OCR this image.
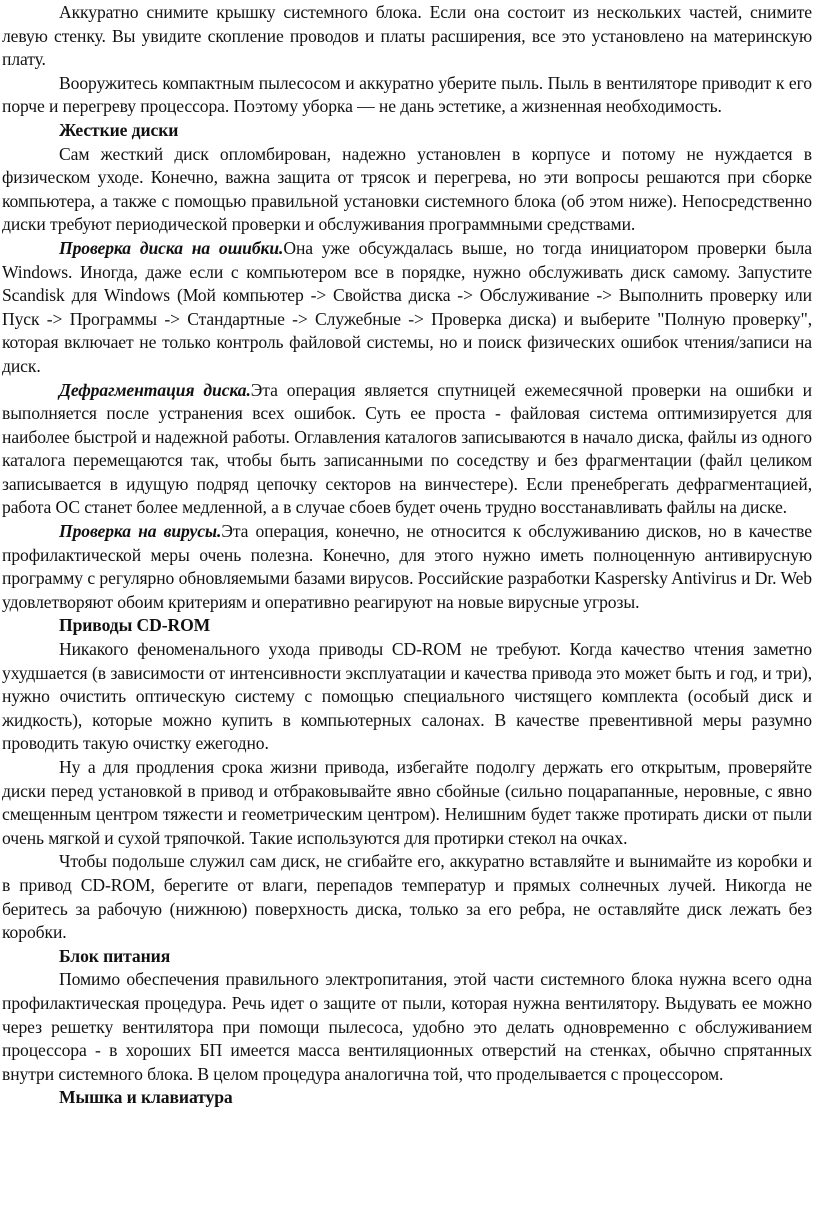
Аккуратно снимите крышку системного блока. Если она состоит из нескольких частей, снимите левую стенку. Вы увидите скопление проводов и платы расширения, все это установлено на материнскую плату.

Вооружитесь компактным пылесосом и аккуратно уберите пыль. Пыль в вентиляторе приводит к его порче и перегреву процессора. Поэтому уборка — не дань эстетике, а жизненная необходимость.

Жесткие диски

Сам жесткий диск опломбирован, надежно установлен в корпусе и потому не нуждается в физическом уходе. Конечно, важна защита от трясок и перегрева, но эти вопросы решаются при сборке компьютера, а также с помощью правильной установки системного блока (об этом ниже). Непосредственно диски требуют периодической проверки и обслуживания программными средствами.

Проверка диска на ошибки.Она уже обсуждалась выше, но тогда инициатором проверки была Windows. Иногда, даже если с компьютером все в порядке, нужно обслуживать диск самому. Запустите Scandisk для Windows (Мой компьютер -> Свойства диска -> Обслуживание -> Выполнить проверку или Пуск -> Программы -> Стандартные -> Служебные -> Проверка диска) и выберите "Полную проверку", которая включает не только контроль файловой системы, но и поиск физических ошибок чтения/записи на диск.

Дефрагментация диска.Эта операция является спутницей ежемесячной проверки на ошибки и выполняется после устранения всех ошибок. Суть ее проста - файловая система оптимизируется для наиболее быстрой и надежной работы. Оглавления каталогов записываются в начало диска, файлы из одного каталога перемещаются так, чтобы быть записанными по соседству и без фрагментации (файл целиком записывается в идущую подряд цепочку секторов на винчестере). Если пренебрегать дефрагментацией, работа ОС станет более медленной, а в случае сбоев будет очень трудно восстанавливать файлы на диске.

Проверка на вирусы.Эта операция, конечно, не относится к обслуживанию дисков, но в качестве профилактической меры очень полезна. Конечно, для этого нужно иметь полноценную антивирусную программу с регулярно обновляемыми базами вирусов. Российские разработки Kaspersky Antivirus и Dr. Web удовлетворяют обоим критериям и оперативно реагируют на новые вирусные угрозы.

Приводы CD-ROM

Никакого феноменального ухода приводы CD-ROM не требуют. Когда качество чтения заметно ухудшается (в зависимости от интенсивности эксплуатации и качества привода это может быть и год, и три), нужно очистить оптическую систему с помощью специального чистящего комплекта (особый диск и жидкость), которые можно купить в компьютерных салонах. В качестве превентивной меры разумно проводить такую очистку ежегодно.

Ну а для продления срока жизни привода, избегайте подолгу держать его открытым, проверяйте диски перед установкой в привод и отбраковывайте явно сбойные (сильно поцарапанные, неровные, с явно смещенным центром тяжести и геометрическим центром). Нелишним будет также протирать диски от пыли очень мягкой и сухой тряпочкой. Такие используются для протирки стекол на очках.

Чтобы подольше служил сам диск, не сгибайте его, аккуратно вставляйте и вынимайте из коробки и в привод CD-ROM, берегите от влаги, перепадов температур и прямых солнечных лучей. Никогда не беритесь за рабочую (нижнюю) поверхность диска, только за его ребра, не оставляйте диск лежать без коробки.

Блок питания

Помимо обеспечения правильного электропитания, этой части системного блока нужна всего одна профилактическая процедура. Речь идет о защите от пыли, которая нужна вентилятору. Выдувать ее можно через решетку вентилятора при помощи пылесоса, удобно это делать одновременно с обслуживанием процессора - в хороших БП имеется масса вентиляционных отверстий на стенках, обычно спрятанных внутри системного блока. В целом процедура аналогична той, что проделывается с процессором.

Мышка и клавиатура
